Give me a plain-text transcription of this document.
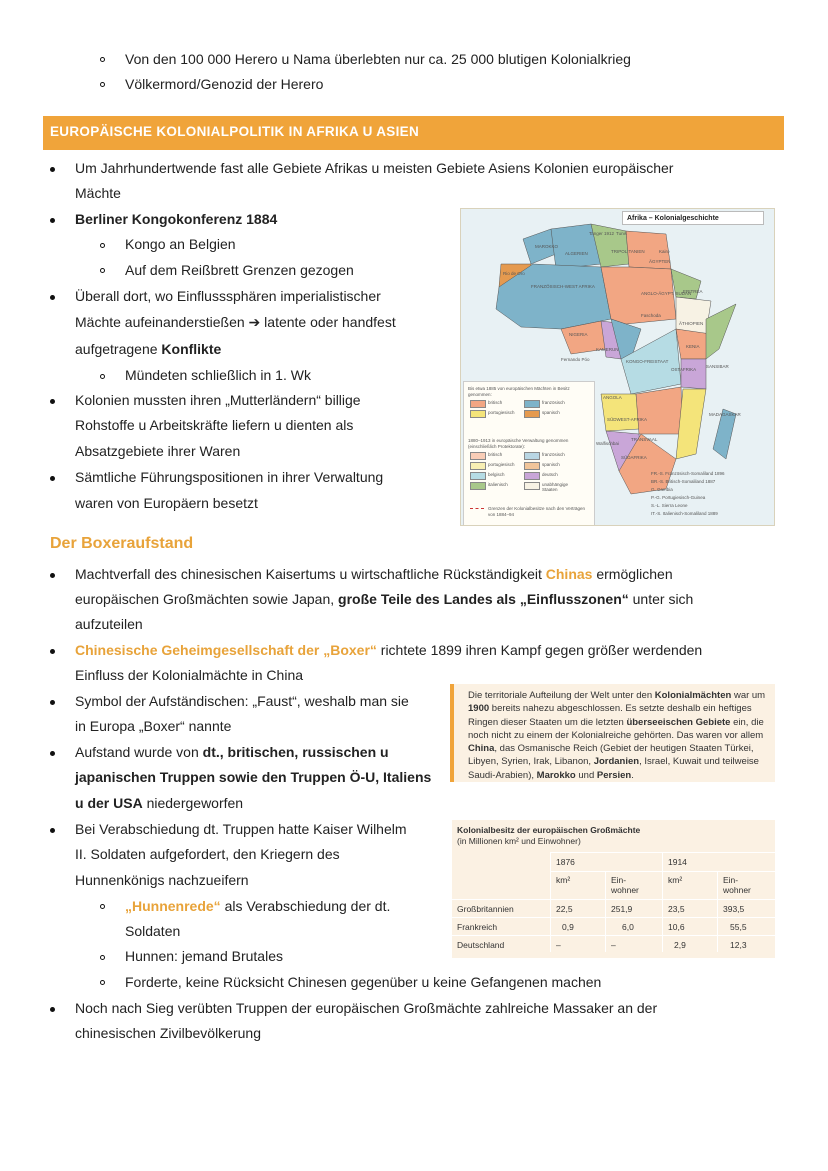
Von den 100 000 Herero u Nama überlebten nur ca. 25 000 blutigen Kolonialkrieg
Völkermord/Genozid der Herero
EUROPÄISCHE KOLONIALPOLITIK IN AFRIKA U ASIEN
Um Jahrhundertwende fast alle Gebiete Afrikas u meisten Gebiete Asiens Kolonien europäischer
Mächte
Berliner Kongokonferenz 1884
Kongo an Belgien
Auf dem Reißbrett Grenzen gezogen
Überall dort, wo Einflusssphären imperialistischer
Mächte aufeinanderstießen ➔ latente oder handfest
aufgetragene Konflikte
Mündeten schließlich in 1. Wk
Kolonien mussten ihren „Mutterländern“ billige
Rohstoffe u Arbeitskräfte liefern u dienten als
Absatzgebiete ihrer Waren
Sämtliche Führungspositionen in ihrer Verwaltung
waren von Europäern besetzt
Afrika – Kolonialgeschichte
Tanger 1912 Tunis
MAROKKO
ALGERIEN	TRIPOLITANIEN	Kairo
ÄGYPTEN
Rio de Oro
FRANZÖSISCH-WEST AFRIKA
ANGLO-ÄGYPT. SUDAN
ERITREA
NIGERIA
KAMERUN
Fernando Póo
Faschoda
ÄTHIOPIEN
KONGO-FREISTAAT
KENIA
OSTAFRIKA
SANSIBAR
ANGOLA
SÜDWEST-AFRIKA
MADAGASKAR
TRANSVAAL
Walfischbai
SÜDAFRIKA
Bis etwa 1885 von europäischen Mächten in Besitz genommen:
britisch	französisch
portugiesisch	spanisch
1880–1913 in europäische Verwaltung genommen (einschließlich Protektorate):
britisch	französisch
portugiesisch	spanisch
belgisch	deutsch
italienisch	unabhängige Staaten
Grenzen der Kolonialbesitze nach den Verträgen von 1884–94
FR.-S. Französisch-Somaliland 1896
BR.-S. Britisch-Somaliland 1887
G. Gambia
P.-G. Portugiesisch-Guinea
S.-L. Sierra Leone
IT.-S. Italienisch-Somaliland 1889
Der Boxeraufstand
Machtverfall des chinesischen Kaisertums u wirtschaftliche Rückständigkeit Chinas ermöglichen
europäischen Großmächten sowie Japan, große Teile des Landes als „Einflusszonen“ unter sich
aufzuteilen
Chinesische Geheimgesellschaft der „Boxer“ richtete 1899 ihren Kampf gegen größer werdenden
Einfluss der Kolonialmächte in China
Symbol der Aufständischen: „Faust“, weshalb man sie
in Europa „Boxer“ nannte
Aufstand wurde von dt., britischen, russischen u
japanischen Truppen sowie den Truppen Ö-U, Italiens
u der USA niedergeworfen
Bei Verabschiedung dt. Truppen hatte Kaiser Wilhelm
II. Soldaten aufgefordert, den Kriegern des
Hunnenkönigs nachzueifern
„Hunnenrede“ als Verabschiedung der dt.
Soldaten
Hunnen: jemand Brutales
Forderte, keine Rücksicht Chinesen gegenüber u keine Gefangenen machen
Noch nach Sieg verübten Truppen der europäischen Großmächte zahlreiche Massaker an der
chinesischen Zivilbevölkerung
Die territoriale Aufteilung der Welt unter den Kolonialmächten war um 1900 bereits nahezu abgeschlossen. Es setzte deshalb ein heftiges Ringen dieser Staaten um die letzten überseeischen Gebiete ein, die noch nicht zu einem der Kolonialreiche gehörten. Das waren vor allem China, das Osmanische Reich (Gebiet der heutigen Staaten Türkei, Libyen, Syrien, Irak, Libanon, Jordanien, Israel, Kuwait und teilweise Saudi-Arabien), Marokko und Persien.
Kolonialbesitz der europäischen Großmächte
(in Millionen km² und Einwohner)
1876	1914
km²	Ein-
wohner
km²	Ein-
wohner
Großbritannien	22,5	251,9	23,5	393,5
Frankreich	0,9	6,0	10,6	55,5
Deutschland	–	–	2,9	12,3
